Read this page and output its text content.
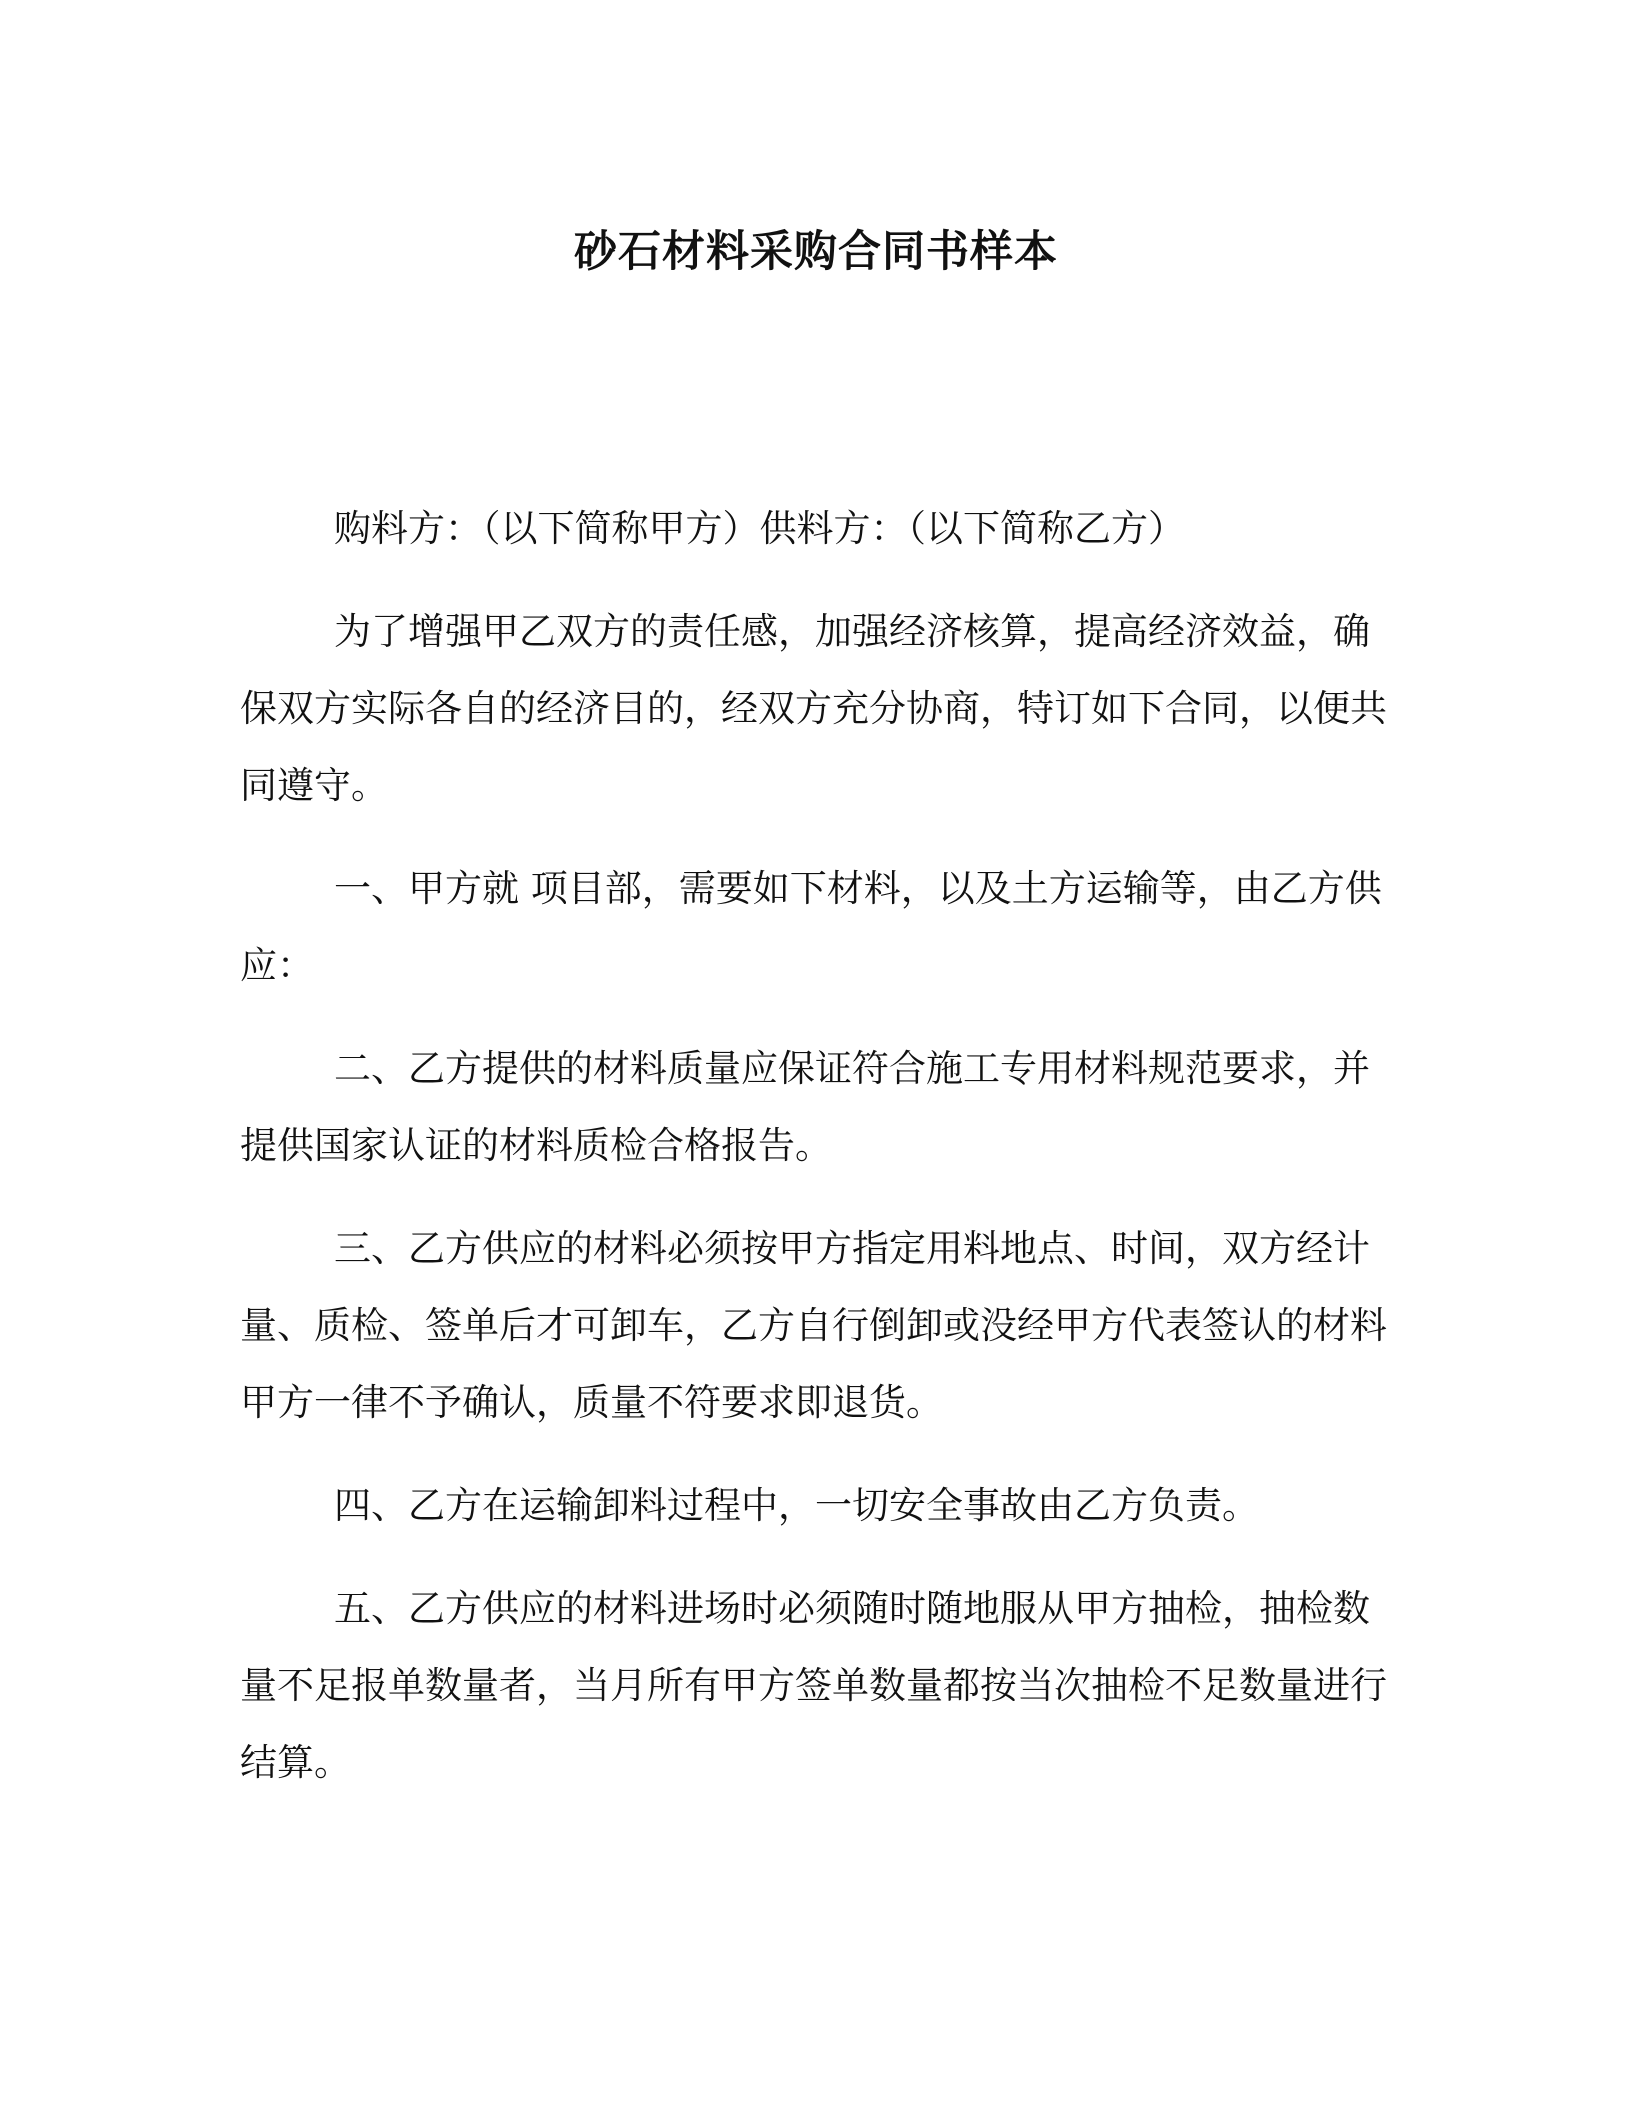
砂石材料采购合同书样本

购料方：（以下简称甲方）供料方：（以下简称乙方）

为了增强甲乙双方的责任感，加强经济核算，提高经济效益，确保双方实际各自的经济目的，经双方充分协商，特订如下合同，以便共同遵守。

一、甲方就 项目部，需要如下材料，以及土方运输等，由乙方供应：

二、乙方提供的材料质量应保证符合施工专用材料规范要求，并提供国家认证的材料质检合格报告。

三、乙方供应的材料必须按甲方指定用料地点、时间，双方经计量、质检、签单后才可卸车，乙方自行倒卸或没经甲方代表签认的材料甲方一律不予确认，质量不符要求即退货。

四、乙方在运输卸料过程中，一切安全事故由乙方负责。

五、乙方供应的材料进场时必须随时随地服从甲方抽检，抽检数量不足报单数量者，当月所有甲方签单数量都按当次抽检不足数量进行结算。
